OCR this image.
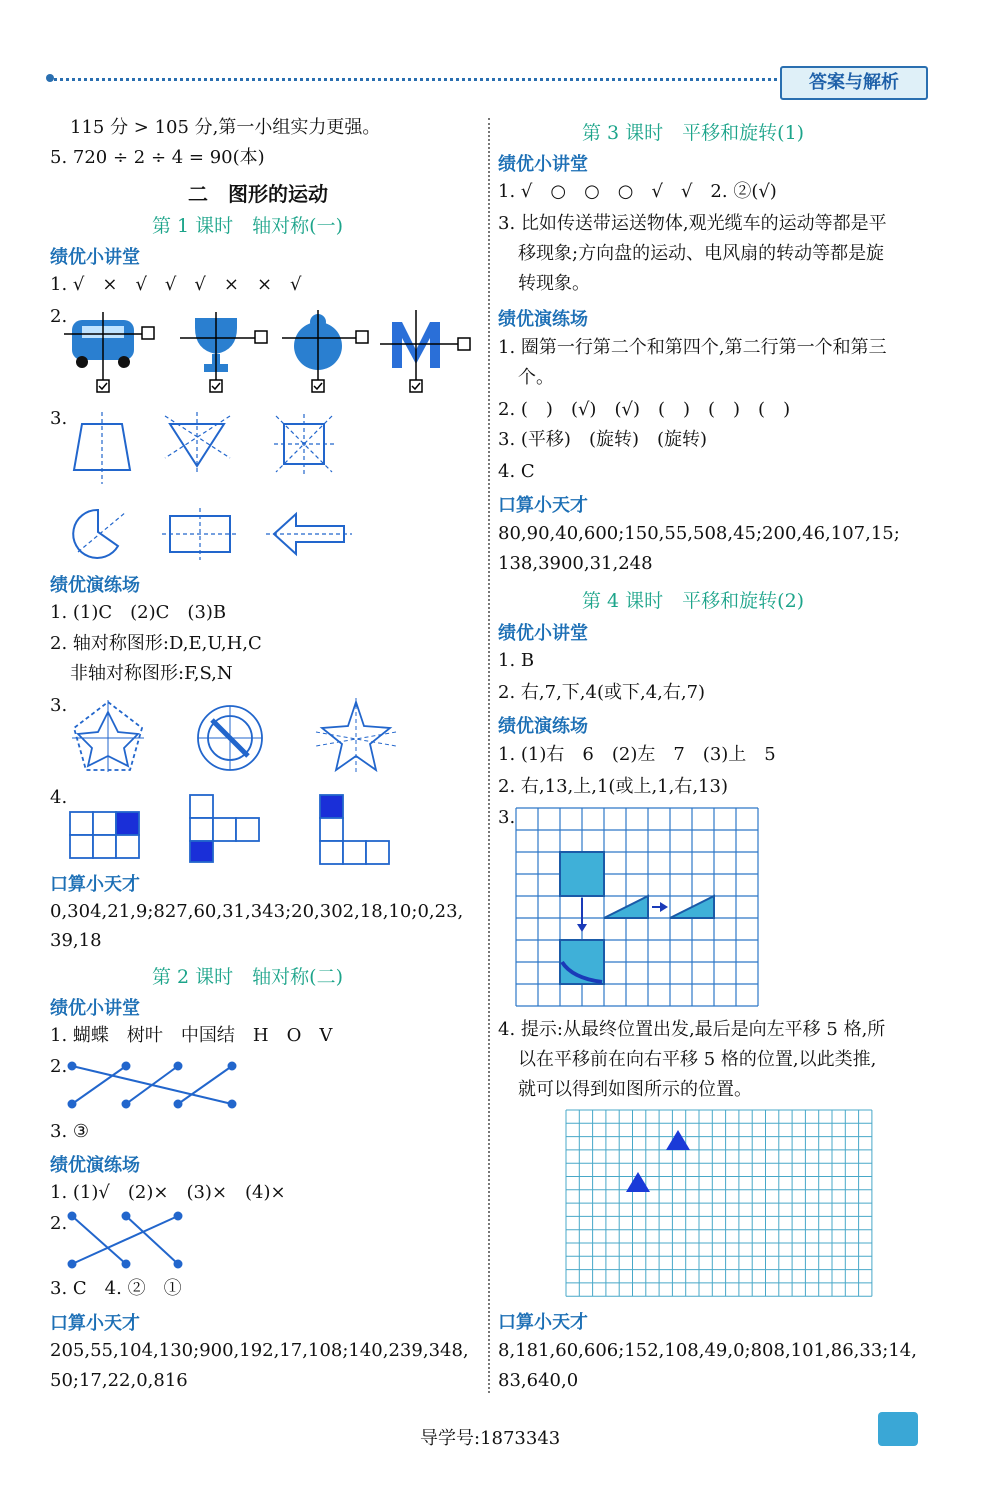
答案与解析
115 分 > 105 分,第一小组实力更强。
5. 720 ÷ 2 ÷ 4 = 90(本)
二　图形的运动
第 1 课时　轴对称(一)
绩优小讲堂
1. √　×　√　√　√　×　×　√
2.
3.
绩优演练场
1. (1)C　(2)C　(3)B
2. 轴对称图形:D,E,U,H,C
非轴对称图形:F,S,N
3.
4.
口算小天才
0,304,21,9;827,60,31,343;20,302,18,10;0,23,
39,18
第 2 课时　轴对称(二)
绩优小讲堂
1. 蝴蝶　树叶　中国结　H　O　V
2.
3. ③
绩优演练场
1. (1)√　(2)×　(3)×　(4)×
2.
3. C　4. ②　①
口算小天才
205,55,104,130;900,192,17,108;140,239,348,
50;17,22,0,816
第 3 课时　平移和旋转(1)
绩优小讲堂
1. √　○　○　○　√　√　2. ②(√)
3. 比如传送带运送物体,观光缆车的运动等都是平
移现象;方向盘的运动、电风扇的转动等都是旋
转现象。
绩优演练场
1. 圈第一行第二个和第四个,第二行第一个和第三
个。
2. (　)　(√)　(√)　(　)　(　)　(　)
3. (平移)　(旋转)　(旋转)
4. C
口算小天才
80,90,40,600;150,55,508,45;200,46,107,15;
138,3900,31,248
第 4 课时　平移和旋转(2)
绩优小讲堂
1. B
2. 右,7,下,4(或下,4,右,7)
绩优演练场
1. (1)右　6　(2)左　7　(3)上　5
2. 右,13,上,1(或上,1,右,13)
3.
4. 提示:从最终位置出发,最后是向左平移 5 格,所
以在平移前在向右平移 5 格的位置,以此类推,
就可以得到如图所示的位置。
口算小天才
8,181,60,606;152,108,49,0;808,101,86,33;14,
83,640,0
导学号:1873343
